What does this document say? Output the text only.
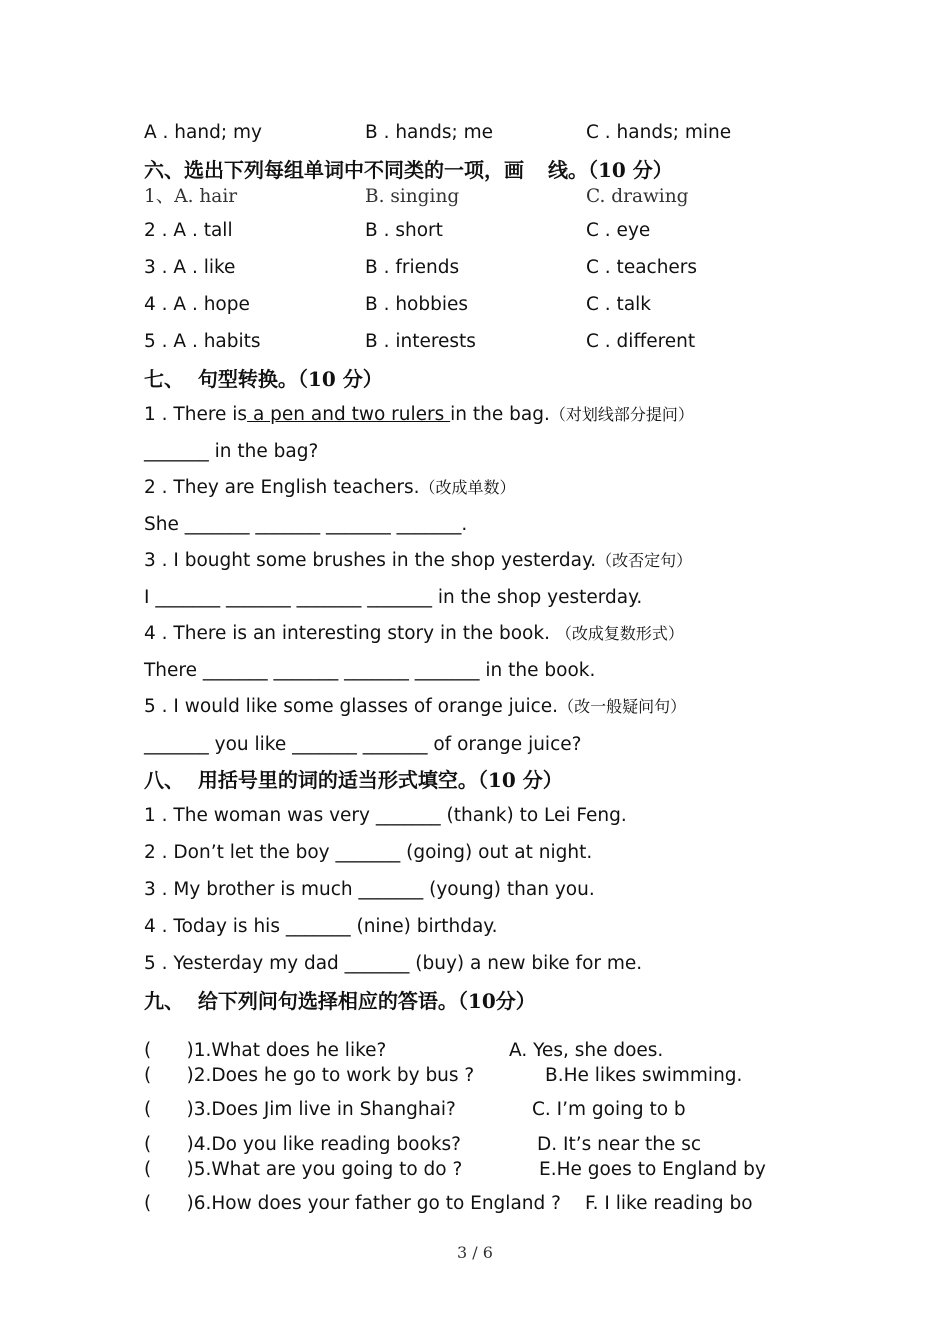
A . hand; my	B . hands; me	C . hands; mine
六、选出下列每组单词中不同类的一项，画 线。（10 分）
1、A. hair	B. singing	C. drawing
2 . A . tall	B . short	C . eye
3 . A . like	B . friends	C . teachers
4 . A . hope	B . hobbies	C . talk
5 . A . habits	B . interests	C . different
七、  句型转换。（10 分）
1 . There is a pen and two rulers in the bag.（对划线部分提问）
_______ in the bag?
2 . They are English teachers.（改成单数）
She _______ _______ _______ _______.
3 . I bought some brushes in the shop yesterday.（改否定句）
I _______ _______ _______ _______ in the shop yesterday.
4 . There is an interesting story in the book. （改成复数形式）
There _______ _______ _______ _______ in the book.
5 . I would like some glasses of orange juice.（改一般疑问句）
_______ you like _______ _______ of orange juice?
八、  用括号里的词的适当形式填空。（10 分）
1 . The woman was very _______ (thank) to Lei Feng.
2 . Don’t let the boy _______ (going) out at night.
3 . My brother is much _______ (young) than you.
4 . Today is his _______ (nine) birthday.
5 . Yesterday my dad _______ (buy) a new bike for me.
九、  给下列问句选择相应的答语。（10分）
(      )1.What does he like?	A. Yes, she does.
(      )2.Does he go to work by bus ?	B.He likes swimming.
(      )3.Does Jim live in Shanghai?	C. I’m going to b
(      )4.Do you like reading books?	D. It’s near the sc
(      )5.What are you going to do ?	E.He goes to England by
(      )6.How does your father go to England ? F. I like reading bo
3 / 6
